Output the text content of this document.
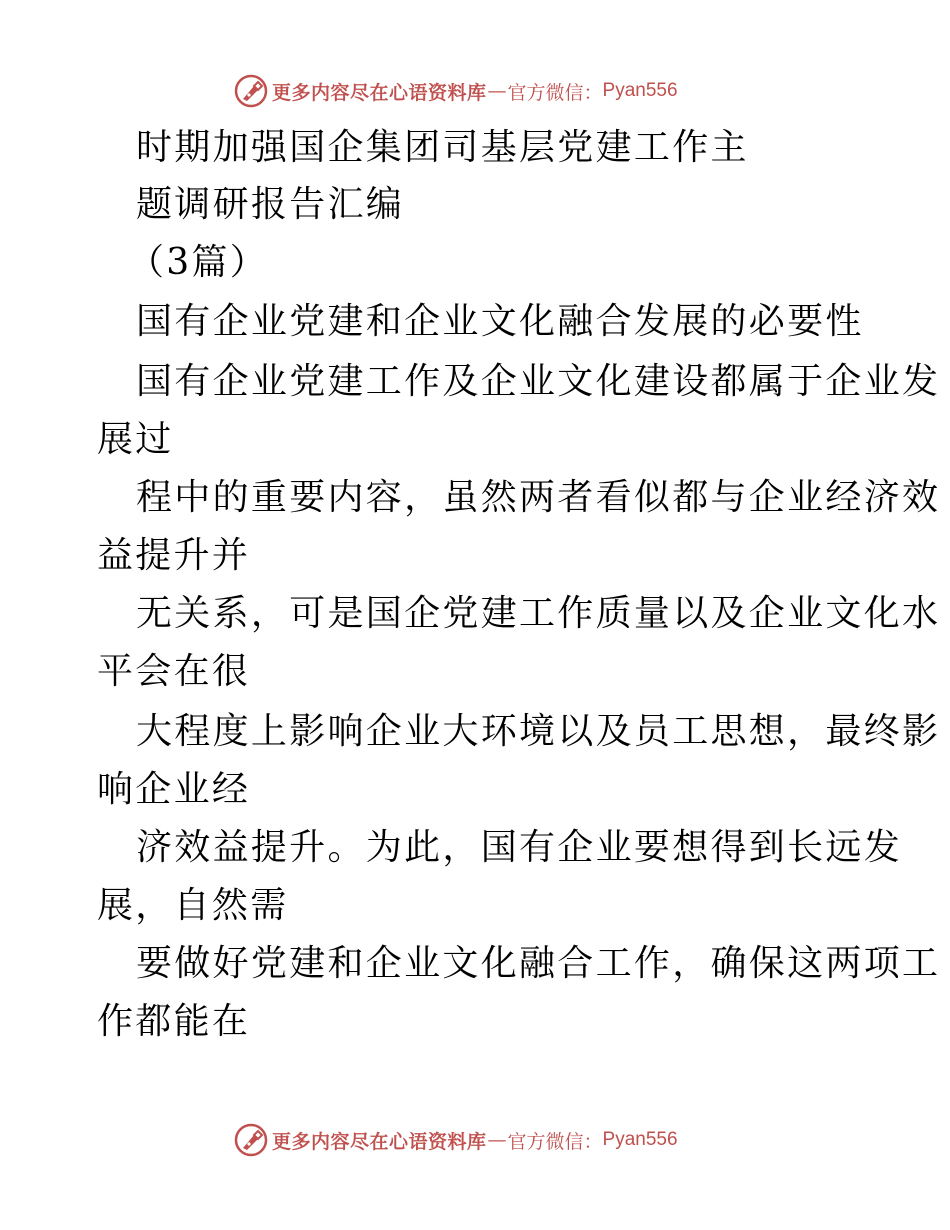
更多内容尽在心语资料库 — 官方微信： Pyan556
时期加强国企集团司基层党建工作主
题调研报告汇编
（3篇）
国有企业党建和企业文化融合发展的必要性
国有企业党建工作及企业文化建设都属于企业发
展过
程中的重要内容，虽然两者看似都与企业经济效
益提升并
无关系，可是国企党建工作质量以及企业文化水
平会在很
大程度上影响企业大环境以及员工思想，最终影
响企业经
济效益提升。为此，国有企业要想得到长远发
展，自然需
要做好党建和企业文化融合工作，确保这两项工
作都能在
更多内容尽在心语资料库 — 官方微信： Pyan556
